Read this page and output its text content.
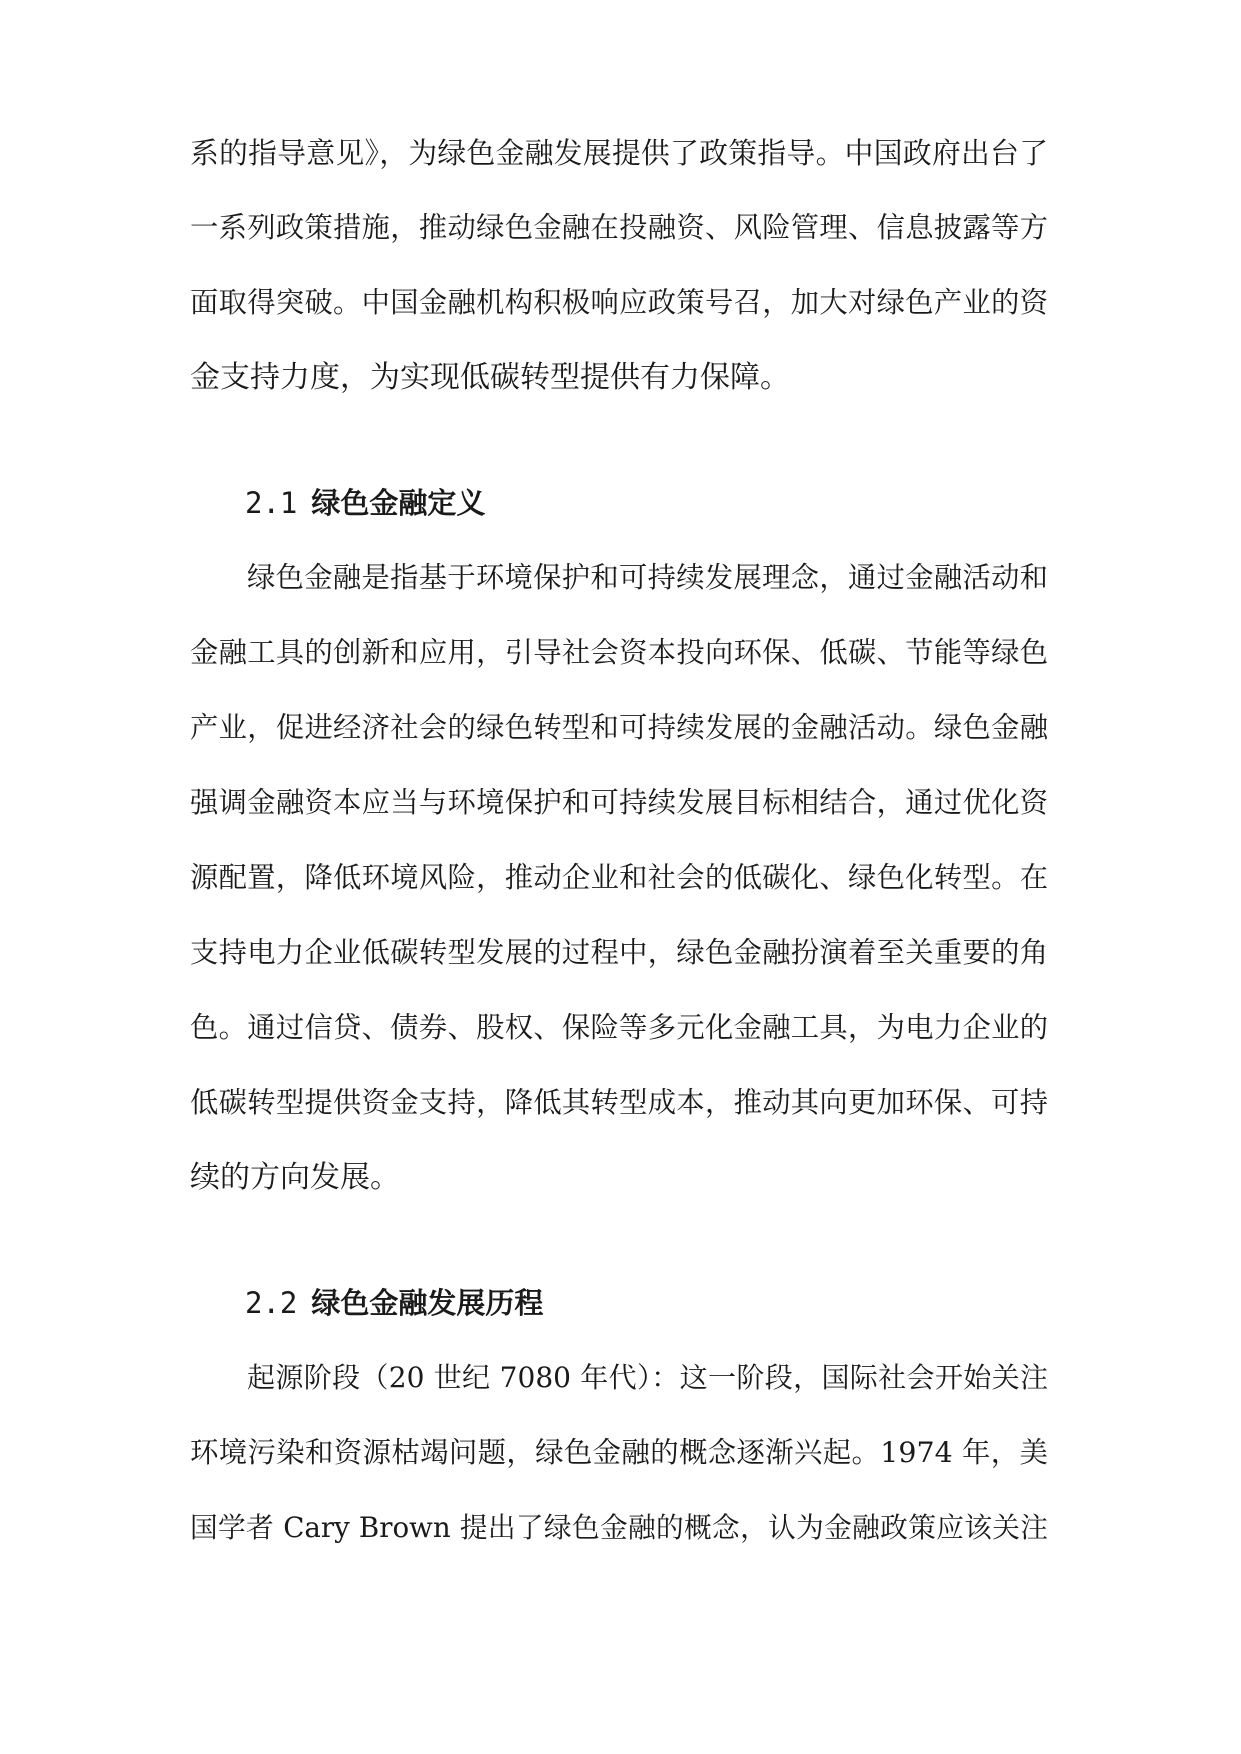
系的指导意见》，为绿色金融发展提供了政策指导。中国政府出台了
一系列政策措施，推动绿色金融在投融资、风险管理、信息披露等方
面取得突破。中国金融机构积极响应政策号召，加大对绿色产业的资
金支持力度，为实现低碳转型提供有力保障。
2.1 绿色金融定义
绿色金融是指基于环境保护和可持续发展理念，通过金融活动和
金融工具的创新和应用，引导社会资本投向环保、低碳、节能等绿色
产业，促进经济社会的绿色转型和可持续发展的金融活动。绿色金融
强调金融资本应当与环境保护和可持续发展目标相结合，通过优化资
源配置，降低环境风险，推动企业和社会的低碳化、绿色化转型。在
支持电力企业低碳转型发展的过程中，绿色金融扮演着至关重要的角
色。通过信贷、债券、股权、保险等多元化金融工具，为电力企业的
低碳转型提供资金支持，降低其转型成本，推动其向更加环保、可持
续的方向发展。
2.2 绿色金融发展历程
起源阶段（20 世纪 7080 年代）：这一阶段，国际社会开始关注
环境污染和资源枯竭问题，绿色金融的概念逐渐兴起。1974 年，美
国学者 Cary Brown 提出了绿色金融的概念，认为金融政策应该关注
